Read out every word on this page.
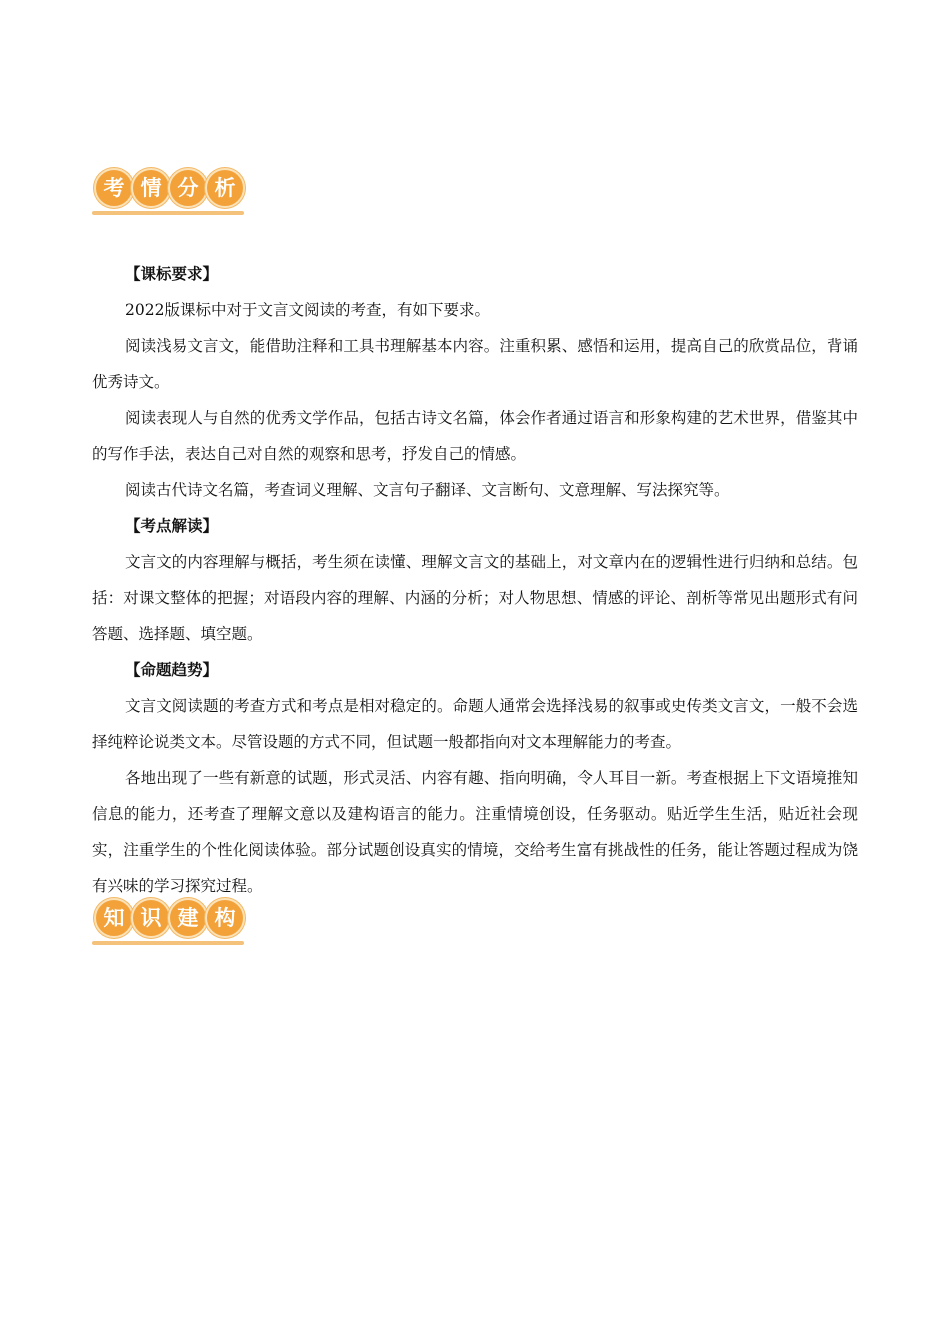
考 情 分 析

【课标要求】

2022版课标中对于文言文阅读的考查，有如下要求。

阅读浅易文言文，能借助注释和工具书理解基本内容。注重积累、感悟和运用，提高自己的欣赏品位，背诵优秀诗文。

阅读表现人与自然的优秀文学作品，包括古诗文名篇，体会作者通过语言和形象构建的艺术世界，借鉴其中的写作手法，表达自己对自然的观察和思考，抒发自己的情感。

阅读古代诗文名篇，考查词义理解、文言句子翻译、文言断句、文意理解、写法探究等。

【考点解读】

文言文的内容理解与概括，考生须在读懂、理解文言文的基础上，对文章内在的逻辑性进行归纳和总结。包括：对课文整体的把握；对语段内容的理解、内涵的分析；对人物思想、情感的评论、剖析等常见出题形式有问答题、选择题、填空题。

【命题趋势】

文言文阅读题的考查方式和考点是相对稳定的。命题人通常会选择浅易的叙事或史传类文言文，一般不会选择纯粹论说类文本。尽管设题的方式不同，但试题一般都指向对文本理解能力的考查。

各地出现了一些有新意的试题，形式灵活、内容有趣、指向明确，令人耳目一新。考查根据上下文语境推知信息的能力，还考查了理解文意以及建构语言的能力。注重情境创设，任务驱动。贴近学生生活，贴近社会现实，注重学生的个性化阅读体验。部分试题创设真实的情境，交给考生富有挑战性的任务，能让答题过程成为饶有兴味的学习探究过程。

知 识 建 构
